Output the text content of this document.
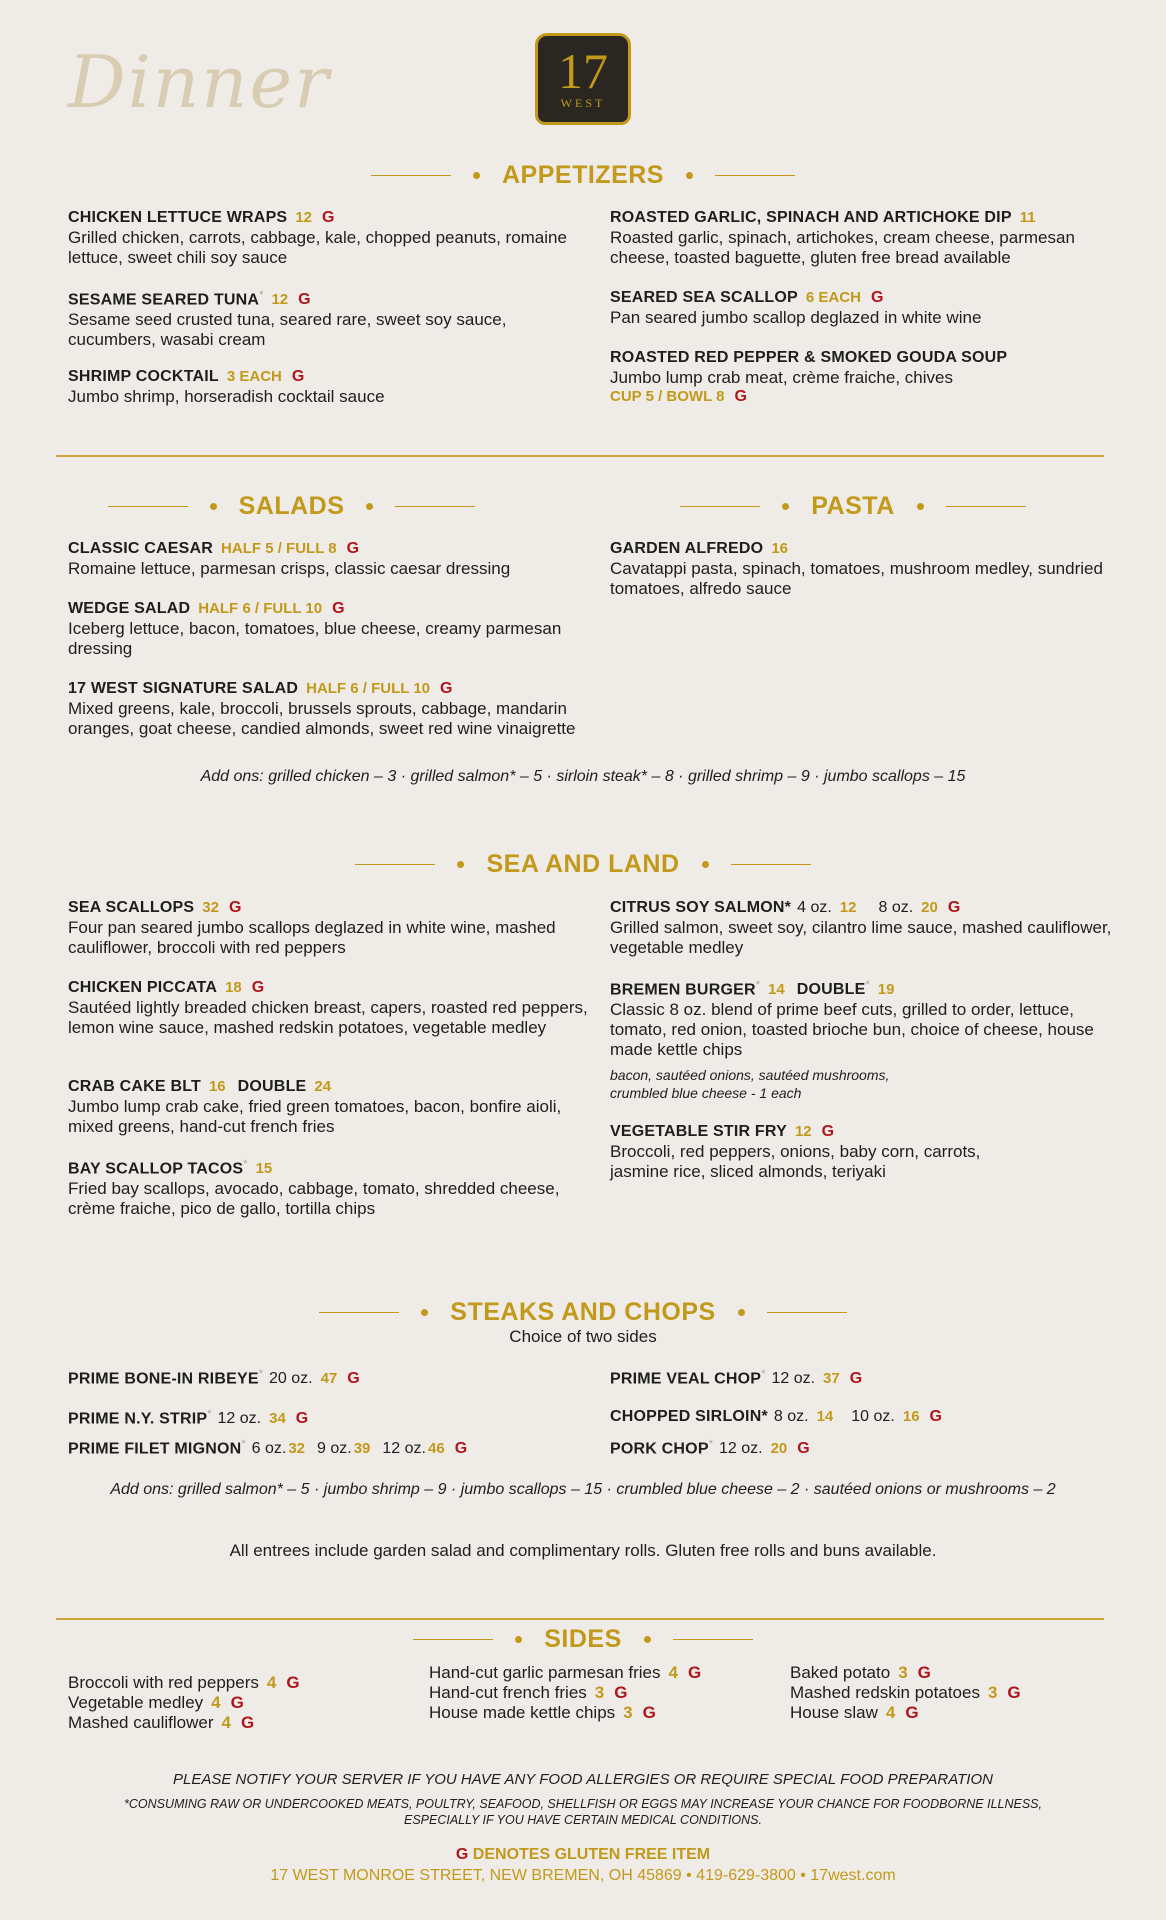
Dinner	17
WEST
APPETIZERS
CHICKEN LETTUCE WRAPS 12 G
Grilled chicken, carrots, cabbage, kale, chopped peanuts, romaine lettuce, sweet chili soy sauce
SESAME SEARED TUNA* 12 G
Sesame seed crusted tuna, seared rare, sweet soy sauce, cucumbers, wasabi cream
SHRIMP COCKTAIL 3 EACH G
Jumbo shrimp, horseradish cocktail sauce
ROASTED GARLIC, SPINACH AND ARTICHOKE DIP 11
Roasted garlic, spinach, artichokes, cream cheese, parmesan cheese, toasted baguette, gluten free bread available
SEARED SEA SCALLOP 6 EACH G
Pan seared jumbo scallop deglazed in white wine
ROASTED RED PEPPER & SMOKED GOUDA SOUP
Jumbo lump crab meat, crème fraiche, chives
CUP 5 / BOWL 8 G
SALADS
CLASSIC CAESAR HALF 5 / FULL 8 G
Romaine lettuce, parmesan crisps, classic caesar dressing
WEDGE SALAD HALF 6 / FULL 10 G
Iceberg lettuce, bacon, tomatoes, blue cheese, creamy parmesan dressing
17 WEST SIGNATURE SALAD HALF 6 / FULL 10 G
Mixed greens, kale, broccoli, brussels sprouts, cabbage, mandarin oranges, goat cheese, candied almonds, sweet red wine vinaigrette
Add ons: grilled chicken – 3 · grilled salmon* – 5 · sirloin steak* – 8 · grilled shrimp – 9 · jumbo scallops – 15
PASTA
GARDEN ALFREDO 16
Cavatappi pasta, spinach, tomatoes, mushroom medley, sundried tomatoes, alfredo sauce
SEA AND LAND
SEA SCALLOPS 32 G
Four pan seared jumbo scallops deglazed in white wine, mashed cauliflower, broccoli with red peppers
CHICKEN PICCATA 18 G
Sautéed lightly breaded chicken breast, capers, roasted red peppers, lemon wine sauce, mashed redskin potatoes, vegetable medley
CRAB CAKE BLT 16 DOUBLE 24
Jumbo lump crab cake, fried green tomatoes, bacon, bonfire aioli, mixed greens, hand-cut french fries
BAY SCALLOP TACOS* 15
Fried bay scallops, avocado, cabbage, tomato, shredded cheese, crème fraiche, pico de gallo, tortilla chips
CITRUS SOY SALMON* 4 oz. 12 8 oz. 20 G
Grilled salmon, sweet soy, cilantro lime sauce, mashed cauliflower, vegetable medley
BREMEN BURGER* 14 DOUBLE* 19
Classic 8 oz. blend of prime beef cuts, grilled to order, lettuce, tomato, red onion, toasted brioche bun, choice of cheese, house made kettle chips
bacon, sautéed onions, sautéed mushrooms, crumbled blue cheese - 1 each
VEGETABLE STIR FRY 12 G
Broccoli, red peppers, onions, baby corn, carrots, jasmine rice, sliced almonds, teriyaki
STEAKS AND CHOPS
Choice of two sides
PRIME BONE-IN RIBEYE* 20 oz. 47 G
PRIME N.Y. STRIP* 12 oz. 34 G
PRIME FILET MIGNON* 6 oz. 32 9 oz. 39 12 oz. 46 G
PRIME VEAL CHOP* 12 oz. 37 G
CHOPPED SIRLOIN* 8 oz. 14 10 oz. 16 G
PORK CHOP* 12 oz. 20 G
Add ons: grilled salmon* – 5 · jumbo shrimp – 9 · jumbo scallops – 15 · crumbled blue cheese – 2 · sautéed onions or mushrooms – 2
All entrees include garden salad and complimentary rolls. Gluten free rolls and buns available.
SIDES
Broccoli with red peppers 4 G
Vegetable medley 4 G
Mashed cauliflower 4 G
Hand-cut garlic parmesan fries 4 G
Hand-cut french fries 3 G
House made kettle chips 3 G
Baked potato 3 G
Mashed redskin potatoes 3 G
House slaw 4 G
PLEASE NOTIFY YOUR SERVER IF YOU HAVE ANY FOOD ALLERGIES OR REQUIRE SPECIAL FOOD PREPARATION
*CONSUMING RAW OR UNDERCOOKED MEATS, POULTRY, SEAFOOD, SHELLFISH OR EGGS MAY INCREASE YOUR CHANCE FOR FOODBORNE ILLNESS,
ESPECIALLY IF YOU HAVE CERTAIN MEDICAL CONDITIONS.
G DENOTES GLUTEN FREE ITEM
17 WEST MONROE STREET, NEW BREMEN, OH 45869 • 419-629-3800 • 17west.com
